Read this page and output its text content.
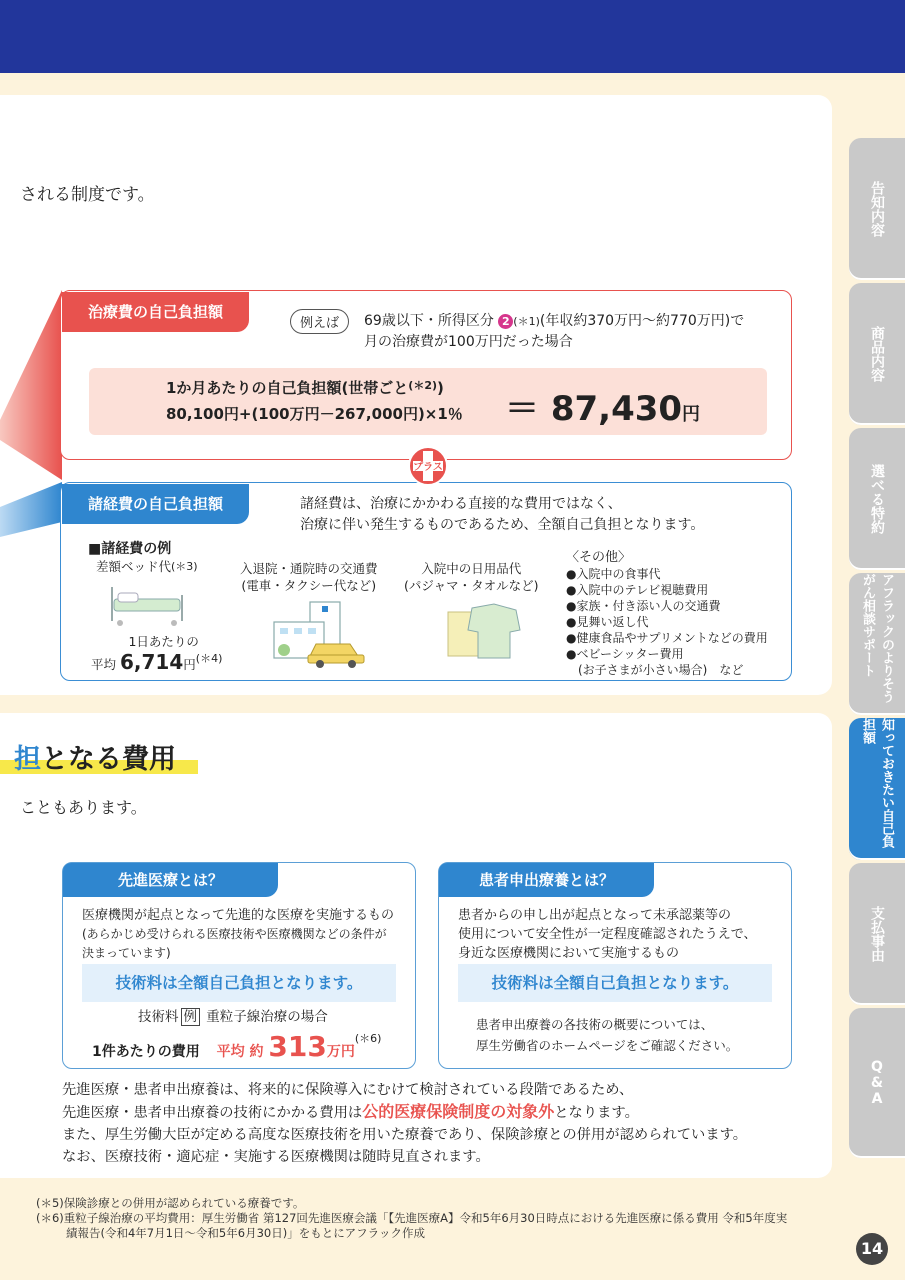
される制度です。
治療費の自己負担額
例えば	69歳以下・所得区分 2 $^{(*1)}$(年収約370万円～約770万円)で
月の治療費が100万円だった場合
1か月あたりの自己負担額(世帯ごと$^{(*2)}$)
80,100円+(100万円－267,000円)×1％ ＝ 87,430円
諸経費の自己負担額
プラス
諸経費は、治療にかかわる直接的な費用ではなく、
治療に伴い発生するものであるため、全額自己負担となります。
■諸経費の例
差額ベッド代(＊3)
1日あたりの
平均 6,714円(＊4)
入退院・通院時の交通費
(電車・タクシー代など)
入院中の日用品代
(パジャマ・タオルなど)
〈その他〉
●入院中の食事代
●入院中のテレビ視聴費用
●家族・付き添い人の交通費
●見舞い返し代
●健康食品やサプリメントなどの費用
●ベビーシッター費用
　(お子さまが小さい場合)　など
担となる費用
こともあります。
先進医療とは？
医療機関が起点となって先進的な医療を実施するもの
(あらかじめ受けられる医療技術や医療機関などの条件が
決まっています)
技術料は全額自己負担となります。
技術料 例 重粒子線治療の場合
1件あたりの費用 平均 約 313万円$^{(*6)}$
患者申出療養とは？
患者からの申し出が起点となって未承認薬等の
使用について安全性が一定程度確認されたうえで、
身近な医療機関において実施するもの
技術料は全額自己負担となります。
患者申出療養の各技術の概要については、
厚生労働省のホームページをご確認ください。
先進医療・患者申出療養は、将来的に保険導入にむけて検討されている段階であるため、
先進医療・患者申出療養の技術にかかる費用は公的医療保険制度の対象外となります。
また、厚生労働大臣が定める高度な医療技術を用いた療養であり、保険診療との併用が認められています。
なお、医療技術・適応症・実施する医療機関は随時見直されます。
(＊5)保険診療との併用が認められている療養です。
(＊6)重粒子線治療の平均費用：厚生労働省 第127回先進医療会議「【先進医療A】令和5年6月30日時点における先進医療に係る費用 令和5年度実
績報告(令和4年7月1日～令和5年6月30日)」をもとにアフラック作成
告知内容
商品内容
選べる特約
アフラックのよりそうがん相談サポート
知っておきたい自己負担額
支払事由
Q&A
14
